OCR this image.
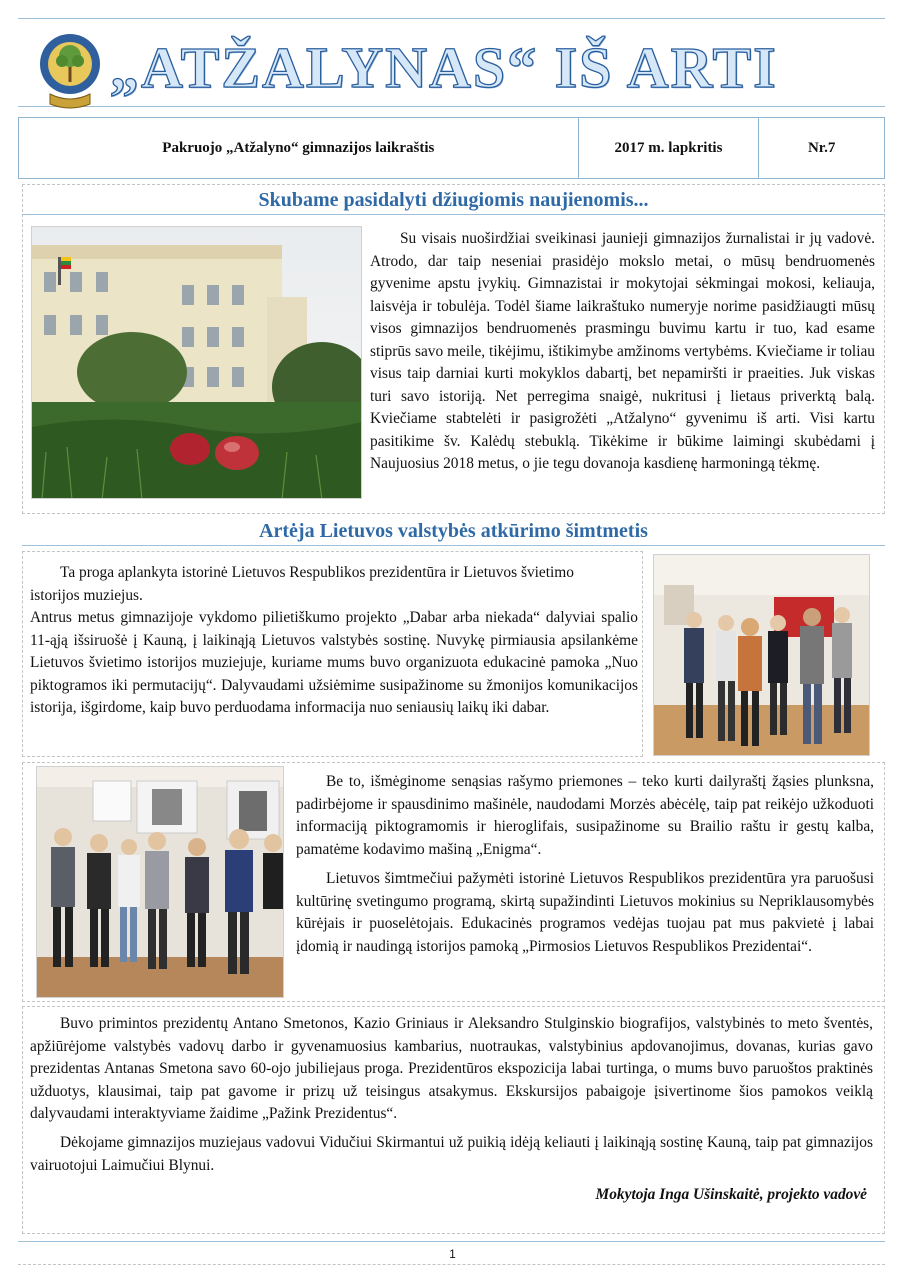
„ATŽALYNAS“ IŠ ARTI
Pakruojo „Atžalyno“ gimnazijos laikraštis	2017 m. lapkritis	Nr.7
Skubame pasidalyti džiugiomis naujienomis...
Su visais nuoširdžiai sveikinasi jaunieji gimnazijos žurnalistai ir jų vadovė. Atrodo, dar taip neseniai prasidėjo mokslo metai, o mūsų bendruomenės gyvenime apstu įvykių. Gimnazistai ir mokytojai sėkmingai mokosi, keliauja, laisvėja ir tobulėja. Todėl šiame laikraštuko numeryje norime pasidžiaugti mūsų visos gimnazijos bendruomenės prasmingu buvimu kartu ir tuo, kad esame stiprūs savo meile, tikėjimu, ištikimybe amžinoms vertybėms. Kviečiame ir toliau visus taip darniai kurti mokyklos dabartį, bet nepamiršti ir praeities. Juk viskas turi savo istoriją. Net perregima snaigė, nukritusi į lietaus priverktą balą. Kviečiame stabtelėti ir pasigrožėti „Atžalyno“ gyvenimu iš arti. Visi kartu pasitikime šv. Kalėdų stebuklą. Tikėkime ir būkime laimingi skubėdami į Naujuosius 2018 metus, o jie tegu dovanoja kasdienę harmoningą tėkmę.
Artėja Lietuvos valstybės atkūrimo šimtmetis
Ta proga aplankyta istorinė Lietuvos Respublikos prezidentūra ir Lietuvos švietimo istorijos muziejus.
Antrus metus gimnazijoje vykdomo pilietiškumo projekto „Dabar arba niekada“ dalyviai spalio 11-ąją išsiruošė į Kauną, į laikinąją Lietuvos valstybės sostinę. Nuvykę pirmiausia apsilankėme Lietuvos švietimo istorijos muziejuje, kuriame mums buvo organizuota edukacinė pamoka „Nuo piktogramos iki permutacijų“. Dalyvaudami užsiėmime susipažinome su žmonijos komunikacijos istorija, išgirdome, kaip buvo perduodama informacija nuo seniausių laikų iki dabar.
Be to, išmėginome senąsias rašymo priemones – teko kurti dailyraštį žąsies plunksna, padirbėjome ir spausdinimo mašinėle, naudodami Morzės abėcėlę, taip pat reikėjo užkoduoti informaciją piktogramomis ir hieroglifais, susipažinome su Brailio raštu ir gestų kalba, pamatėme kodavimo mašiną „Enigma“.
Lietuvos šimtmečiui pažymėti istorinė Lietuvos Respublikos prezidentūra yra paruošusi kultūrinę svetingumo programą, skirtą supažindinti Lietuvos mokinius su Nepriklausomybės kūrėjais ir puoselėtojais. Edukacinės programos vedėjas tuojau pat mus pakvietė į labai įdomią ir naudingą istorijos pamoką „Pirmosios Lietuvos Respublikos Prezidentai“.
Buvo primintos prezidentų Antano Smetonos, Kazio Griniaus ir Aleksandro Stulginskio biografijos, valstybinės to meto šventės, apžiūrėjome valstybės vadovų darbo ir gyvenamuosius kambarius, nuotraukas, valstybinius apdovanojimus, dovanas, kurias gavo prezidentas Antanas Smetona savo 60-ojo jubiliejaus proga. Prezidentūros ekspozicija labai turtinga, o mums buvo paruoštos praktinės užduotys, klausimai, taip pat gavome ir prizų už teisingus atsakymus. Ekskursijos pabaigoje įsivertinome šios pamokos veiklą dalyvaudami interaktyviame žaidime „Pažink Prezidentus“.
Dėkojame gimnazijos muziejaus vadovui Vidučiui Skirmantui už puikią idėją keliauti į laikinąją sostinę Kauną, taip pat gimnazijos vairuotojui Laimučiui Blynui.
Mokytoja Inga Ušinskaitė, projekto vadovė
1
